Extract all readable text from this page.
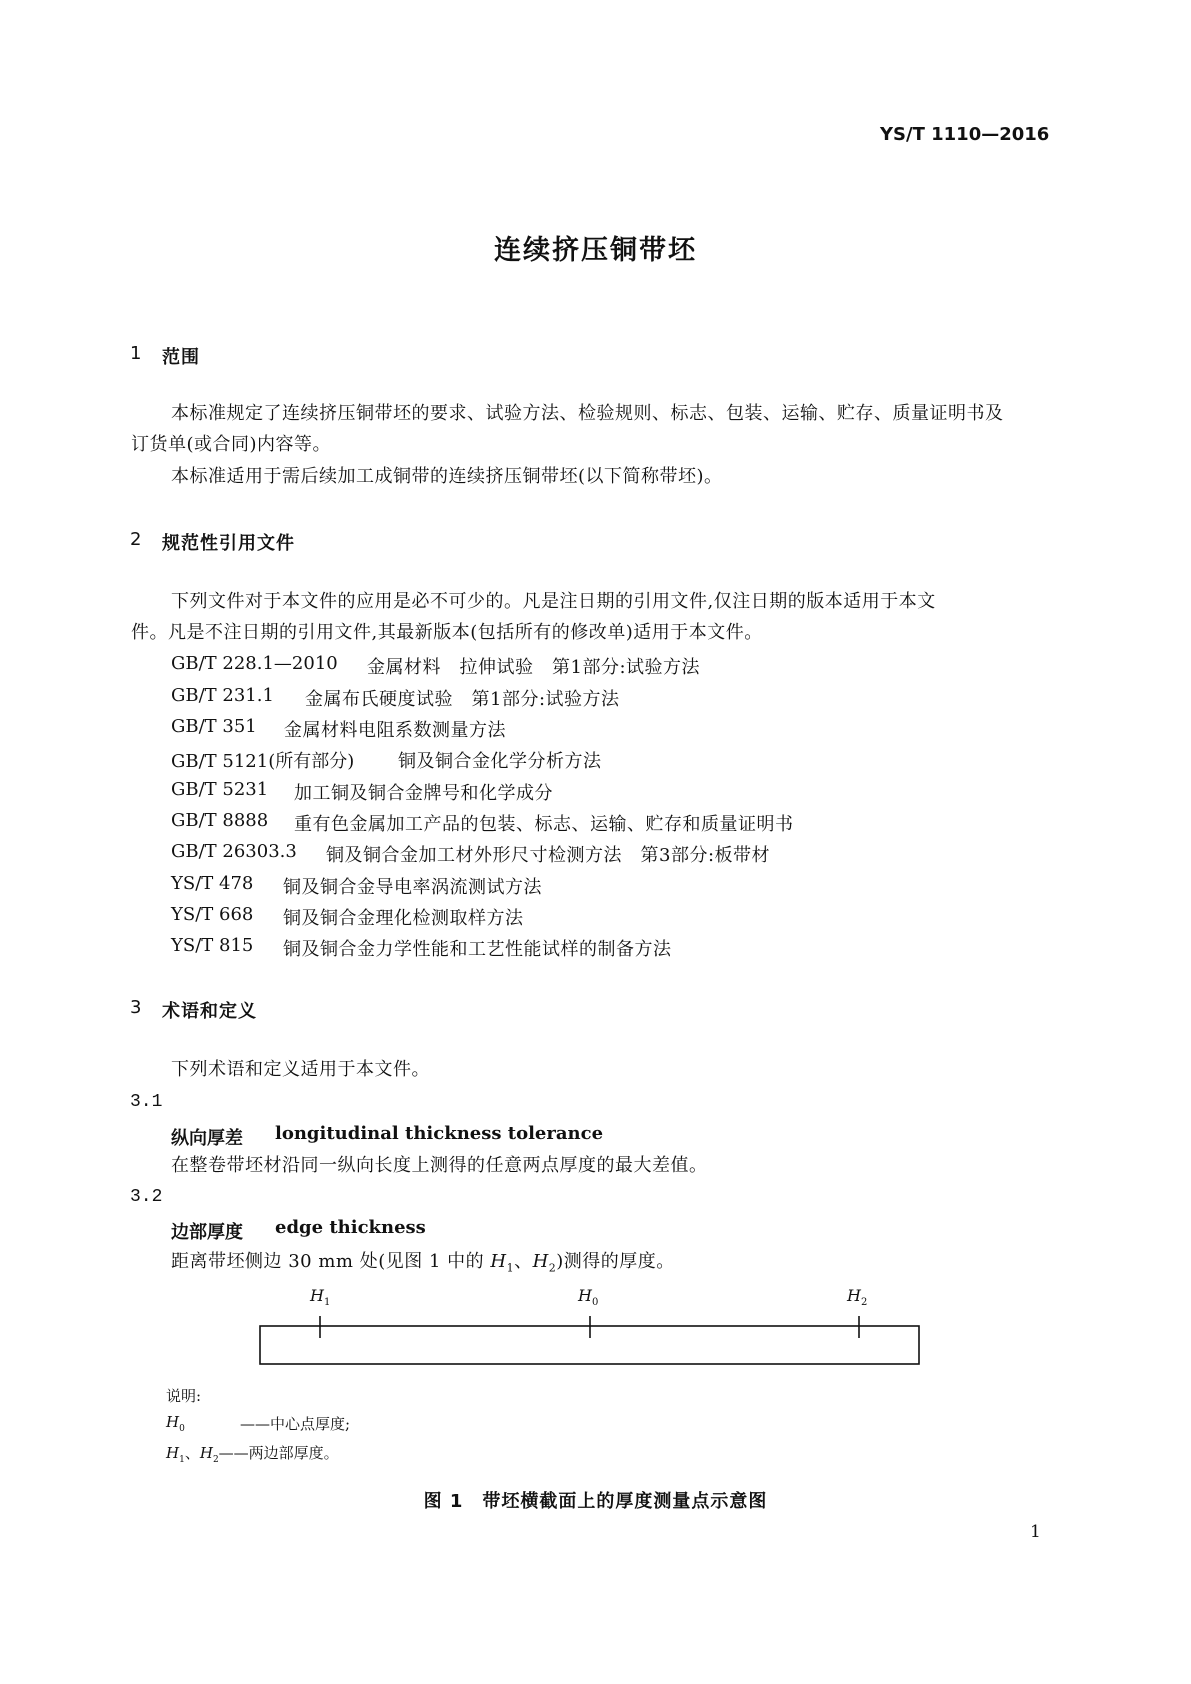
YS/T 1110—2016
连续挤压铜带坯
1 范围
本标准规定了连续挤压铜带坯的要求、试验方法、检验规则、标志、包装、运输、贮存、质量证明书及
订货单(或合同)内容等。
本标准适用于需后续加工成铜带的连续挤压铜带坯(以下简称带坯)。
2 规范性引用文件
下列文件对于本文件的应用是必不可少的。凡是注日期的引用文件,仅注日期的版本适用于本文
件。凡是不注日期的引用文件,其最新版本(包括所有的修改单)适用于本文件。
GB/T 228.1—2010 金属材料　拉伸试验　第1部分:试验方法
GB/T 231.1 金属布氏硬度试验　第1部分:试验方法
GB/T 351 金属材料电阻系数测量方法
GB/T 5121(所有部分) 铜及铜合金化学分析方法
GB/T 5231 加工铜及铜合金牌号和化学成分
GB/T 8888 重有色金属加工产品的包装、标志、运输、贮存和质量证明书
GB/T 26303.3 铜及铜合金加工材外形尺寸检测方法　第3部分:板带材
YS/T 478 铜及铜合金导电率涡流测试方法
YS/T 668 铜及铜合金理化检测取样方法
YS/T 815 铜及铜合金力学性能和工艺性能试样的制备方法
3 术语和定义
下列术语和定义适用于本文件。
3.1
纵向厚差 longitudinal thickness tolerance
在整卷带坯材沿同一纵向长度上测得的任意两点厚度的最大差值。
3.2
边部厚度 edge thickness
距离带坯侧边 30 mm 处(见图 1 中的 $H_1$、$H_2$)测得的厚度。
$H_1$	$H_0$	$H_2$
说明:
$H_0$	——中心点厚度;
$H_1$、$H_2——$两边部厚度。
图 1　带坯横截面上的厚度测量点示意图
1
